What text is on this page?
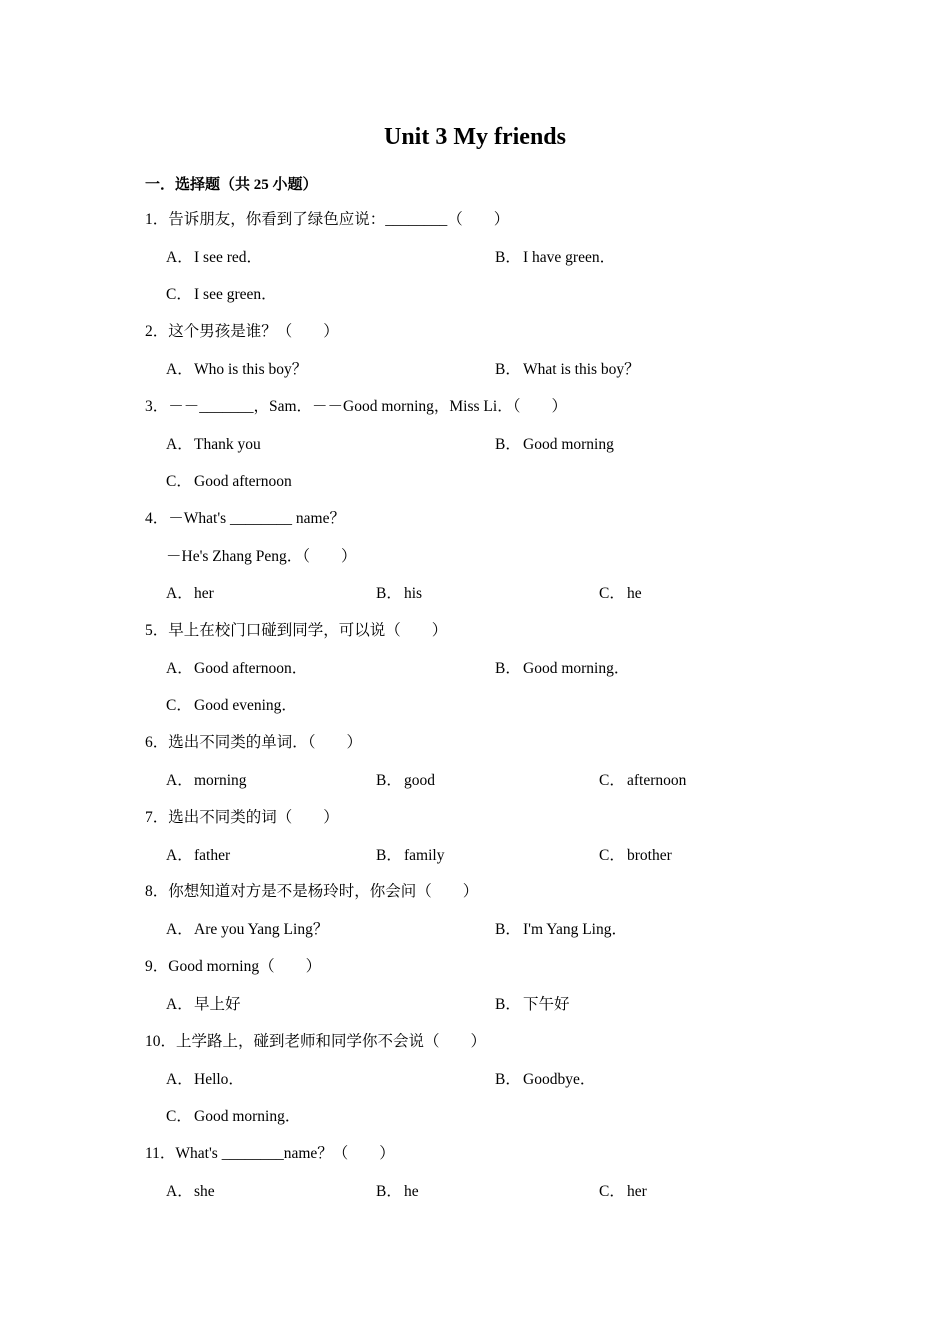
Unit 3 My friends
一．选择题（共 25 小题）
1．告诉朋友，你看到了绿色应说：________（　　）
A．I see red．	B． I have green．
C． I see green．
2．这个男孩是谁？（　　）
A．Who is this boy？	B． What is this boy？
3．－－_______，Sam．－－Good morning，Miss Li．（　　）
A．Thank you	B． Good morning
C． Good afternoon
4．－What's ________ name？
－He's Zhang Peng．（　　）
A．her	B． his	C． he
5．早上在校门口碰到同学，可以说（　　）
A．Good afternoon．	B． Good morning．
C． Good evening．
6．选出不同类的单词．（　　）
A．morning	B． good	C． afternoon
7．选出不同类的词（　　）
A．father	B． family	C． brother
8．你想知道对方是不是杨玲时，你会问（　　）
A．Are you Yang Ling？	B． I'm Yang Ling．
9．Good morning（　　）
A．早上好	B． 下午好
10．上学路上，碰到老师和同学你不会说（　　）
A．Hello．	B． Goodbye．
C． Good morning．
11．What's ________name？（　　）
A．she	B． he	C． her
